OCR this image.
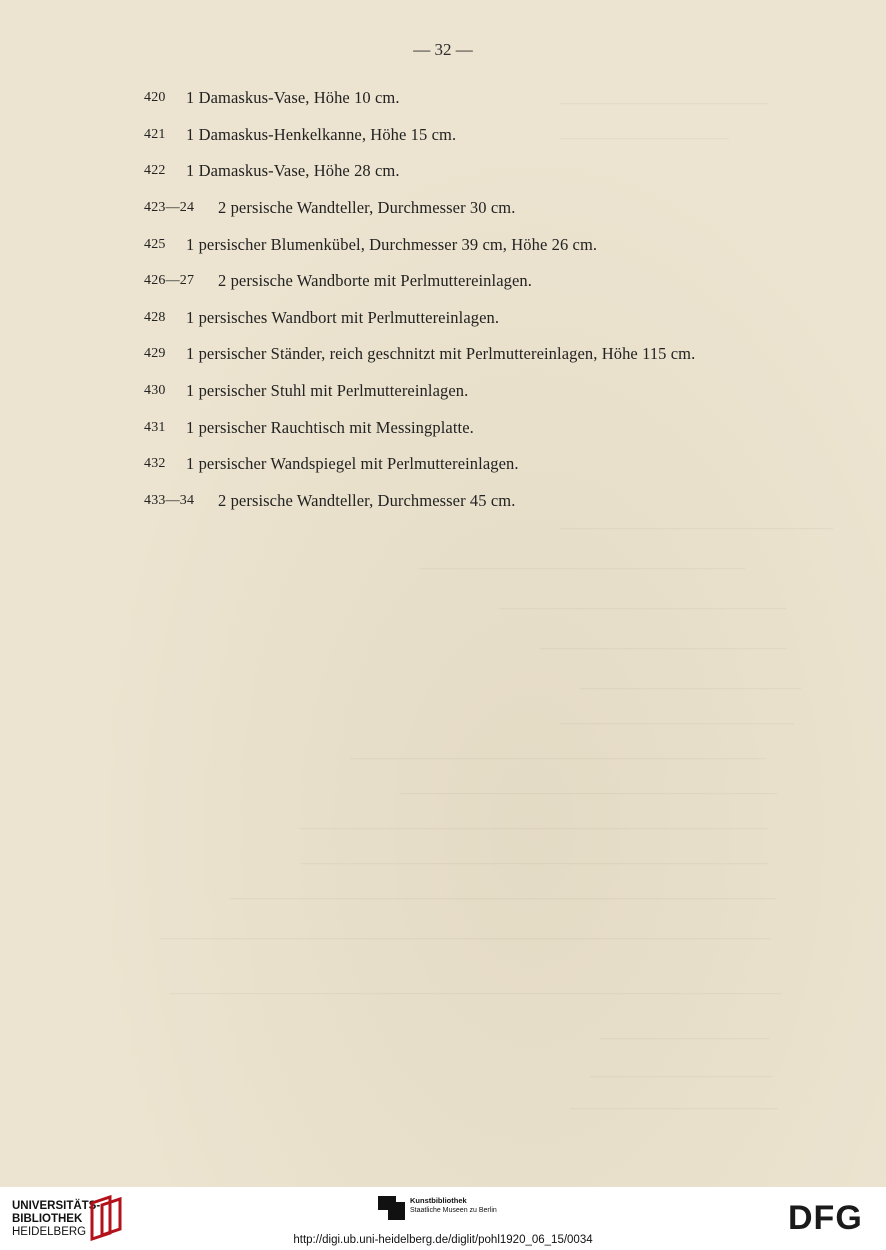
————————————————
—————————————
—————————————————————
—————————————————————————
——————————————————————
———————————————————
—————————————————
——————————————————
————————————————————————————————
—————————————————————————————
————————————————————————————————————
————————————————————————————————————
——————————————————————————————————————————
———————————————————————————————————————————————
———————————————————————————————————————————————
—————————————
——————————————
————————————————
— 32 —
420	1 Damaskus-Vase, Höhe 10 cm.
421	1 Damaskus-Henkelkanne, Höhe 15 cm.
422	1 Damaskus-Vase, Höhe 28 cm.
423—24	2 persische Wandteller, Durchmesser 30 cm.
425	1 persischer Blumenkübel, Durchmesser 39 cm, Höhe 26 cm.
426—27	2 persische Wandborte mit Perlmuttereinlagen.
428	1 persisches Wandbort mit Perlmuttereinlagen.
429	1 persischer Ständer, reich geschnitzt mit Perlmuttereinlagen, Höhe 115 cm.
430	1 persischer Stuhl mit Perlmuttereinlagen.
431	1 persischer Rauchtisch mit Messingplatte.
432	1 persischer Wandspiegel mit Perlmuttereinlagen.
433—34	2 persische Wandteller, Durchmesser 45 cm.
UNIVERSITÄTS-
BIBLIOTHEK
HEIDELBERG
Kunstbibliothek
Staatliche Museen zu Berlin	DFG
http://digi.ub.uni-heidelberg.de/diglit/pohl1920_06_15/0034
